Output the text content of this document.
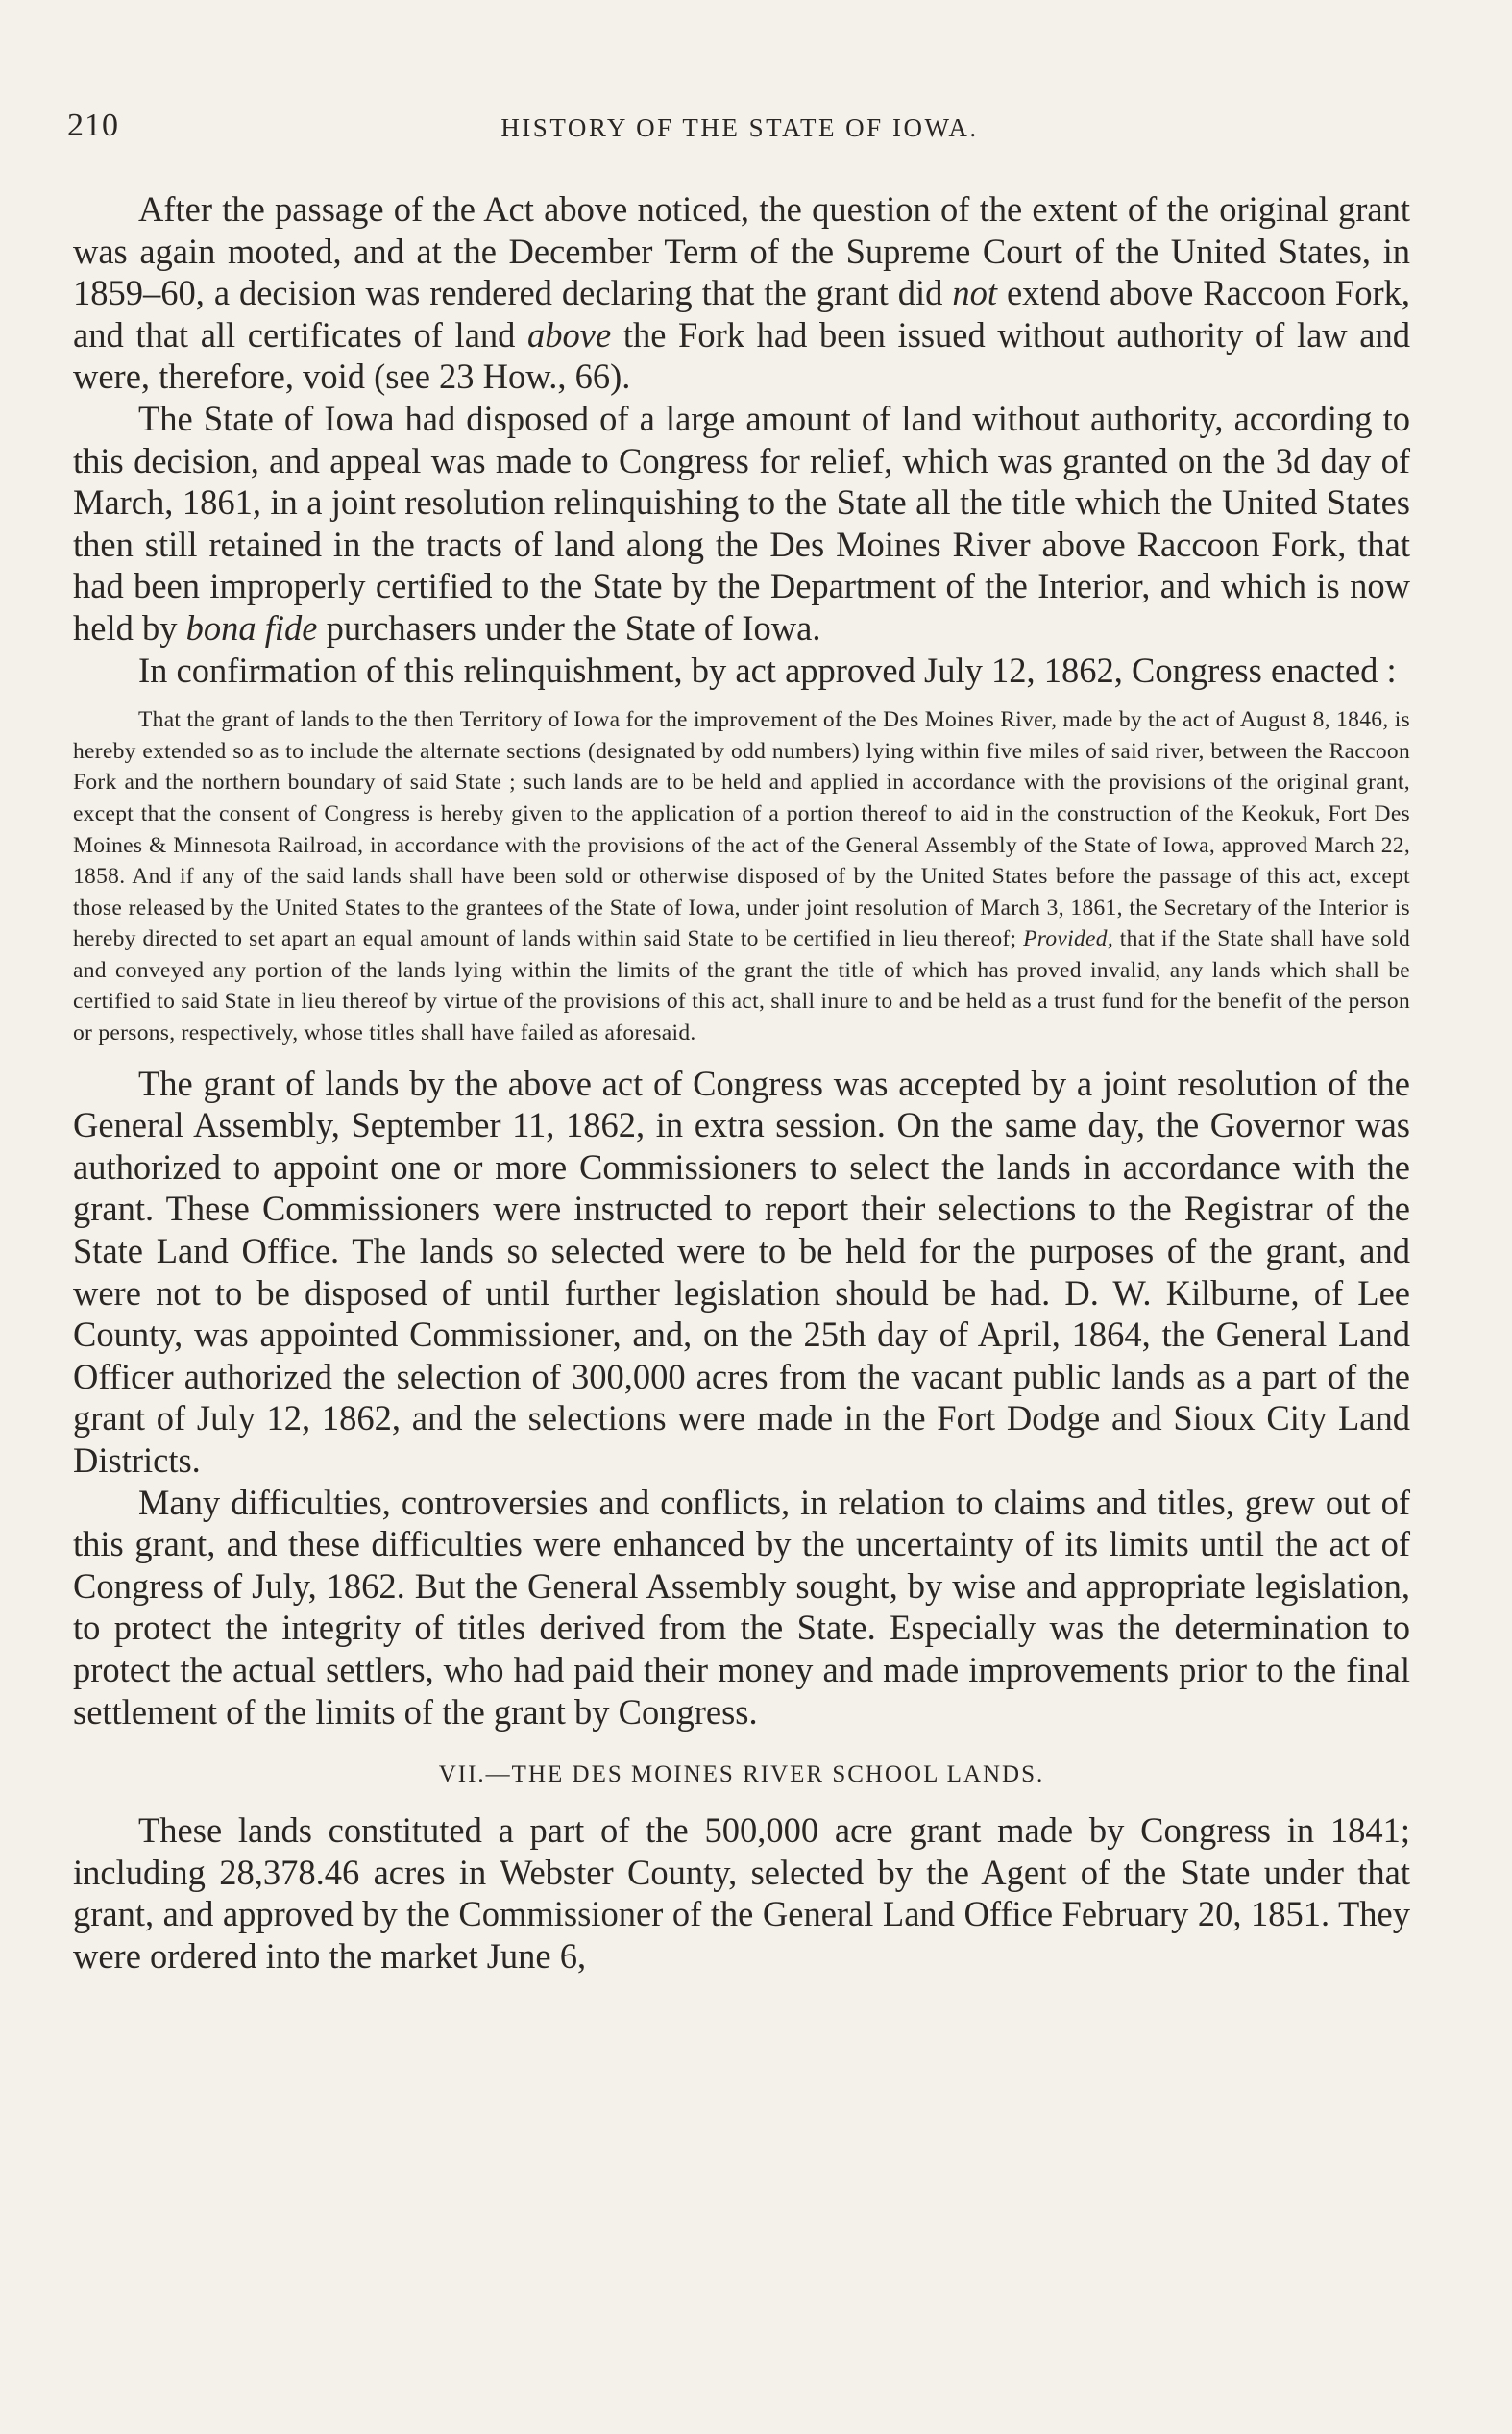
210	HISTORY OF THE STATE OF IOWA.

After the passage of the Act above noticed, the question of the extent of the original grant was again mooted, and at the December Term of the Supreme Court of the United States, in 1859–60, a decision was rendered declaring that the grant did not extend above Raccoon Fork, and that all certificates of land above the Fork had been issued without authority of law and were, therefore, void (see 23 How., 66).

The State of Iowa had disposed of a large amount of land without authority, according to this decision, and appeal was made to Congress for relief, which was granted on the 3d day of March, 1861, in a joint resolution relinquishing to the State all the title which the United States then still retained in the tracts of land along the Des Moines River above Raccoon Fork, that had been improperly certified to the State by the Department of the Interior, and which is now held by bona fide purchasers under the State of Iowa.

In confirmation of this relinquishment, by act approved July 12, 1862, Congress enacted :

That the grant of lands to the then Territory of Iowa for the improvement of the Des Moines River, made by the act of August 8, 1846, is hereby extended so as to include the alternate sections (designated by odd numbers) lying within five miles of said river, between the Raccoon Fork and the northern boundary of said State ; such lands are to be held and applied in accordance with the provisions of the original grant, except that the consent of Congress is hereby given to the application of a portion thereof to aid in the construction of the Keokuk, Fort Des Moines & Minnesota Railroad, in accordance with the provisions of the act of the General Assembly of the State of Iowa, approved March 22, 1858. And if any of the said lands shall have been sold or otherwise disposed of by the United States before the passage of this act, except those released by the United States to the grantees of the State of Iowa, under joint resolution of March 3, 1861, the Secretary of the Interior is hereby directed to set apart an equal amount of lands within said State to be certified in lieu thereof; Provided, that if the State shall have sold and conveyed any portion of the lands lying within the limits of the grant the title of which has proved invalid, any lands which shall be certified to said State in lieu thereof by virtue of the provisions of this act, shall inure to and be held as a trust fund for the benefit of the person or persons, respectively, whose titles shall have failed as aforesaid.

The grant of lands by the above act of Congress was accepted by a joint resolution of the General Assembly, September 11, 1862, in extra session. On the same day, the Governor was authorized to appoint one or more Commissioners to select the lands in accordance with the grant. These Commissioners were instructed to report their selections to the Registrar of the State Land Office. The lands so selected were to be held for the purposes of the grant, and were not to be disposed of until further legislation should be had. D. W. Kilburne, of Lee County, was appointed Commissioner, and, on the 25th day of April, 1864, the General Land Officer authorized the selection of 300,000 acres from the vacant public lands as a part of the grant of July 12, 1862, and the selections were made in the Fort Dodge and Sioux City Land Districts.

Many difficulties, controversies and conflicts, in relation to claims and titles, grew out of this grant, and these difficulties were enhanced by the uncertainty of its limits until the act of Congress of July, 1862. But the General Assembly sought, by wise and appropriate legislation, to protect the integrity of titles derived from the State. Especially was the determination to protect the actual settlers, who had paid their money and made improvements prior to the final settlement of the limits of the grant by Congress.

VII.—THE DES MOINES RIVER SCHOOL LANDS.

These lands constituted a part of the 500,000 acre grant made by Congress in 1841; including 28,378.46 acres in Webster County, selected by the Agent of the State under that grant, and approved by the Commissioner of the General Land Office February 20, 1851. They were ordered into the market June 6,
